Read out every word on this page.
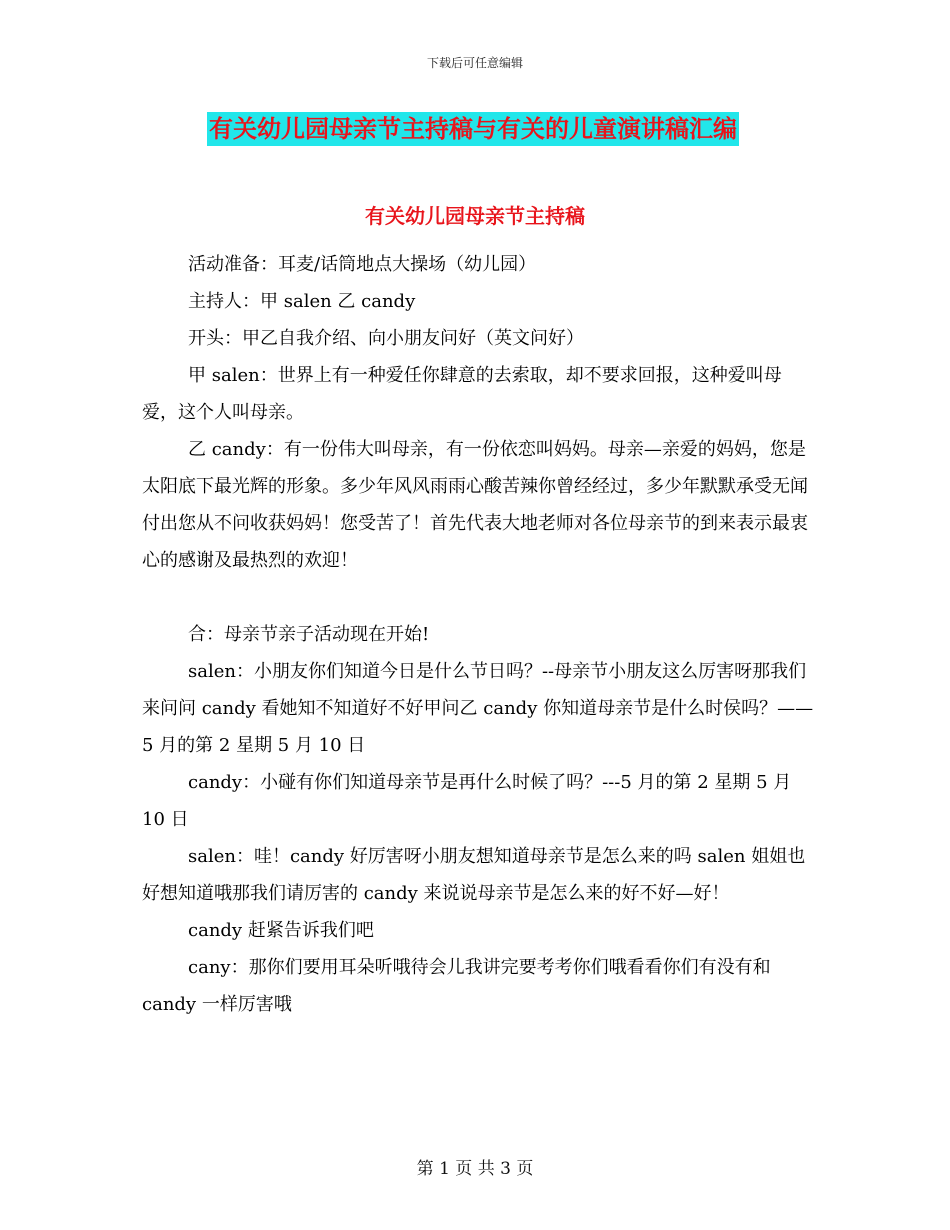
下载后可任意编辑
有关幼儿园母亲节主持稿与有关的儿童演讲稿汇编
有关幼儿园母亲节主持稿

活动准备：耳麦/话筒地点大操场（幼儿园）

主持人：甲 salen 乙 candy

开头：甲乙自我介绍、向小朋友问好（英文问好）

甲 salen：世界上有一种爱任你肆意的去索取，却不要求回报，这种爱叫母爱，这个人叫母亲。

乙 candy：有一份伟大叫母亲，有一份依恋叫妈妈。母亲—亲爱的妈妈，您是太阳底下最光辉的形象。多少年风风雨雨心酸苦辣你曾经经过，多少年默默承受无闻付出您从不问收获妈妈！您受苦了！首先代表大地老师对各位母亲节的到来表示最衷心的感谢及最热烈的欢迎！

合：母亲节亲子活动现在开始!

salen：小朋友你们知道今日是什么节日吗？--母亲节小朋友这么厉害呀那我们来问问 candy 看她知不知道好不好甲问乙 candy 你知道母亲节是什么时侯吗？——5 月的第 2 星期 5 月 10 日

candy：小碰有你们知道母亲节是再什么时候了吗？---5 月的第 2 星期 5 月 10 日

salen：哇！candy 好厉害呀小朋友想知道母亲节是怎么来的吗 salen 姐姐也好想知道哦那我们请厉害的 candy 来说说母亲节是怎么来的好不好—好！

candy 赶紧告诉我们吧

cany：那你们要用耳朵听哦待会儿我讲完要考考你们哦看看你们有没有和 candy 一样厉害哦

第 1 页 共 3 页
